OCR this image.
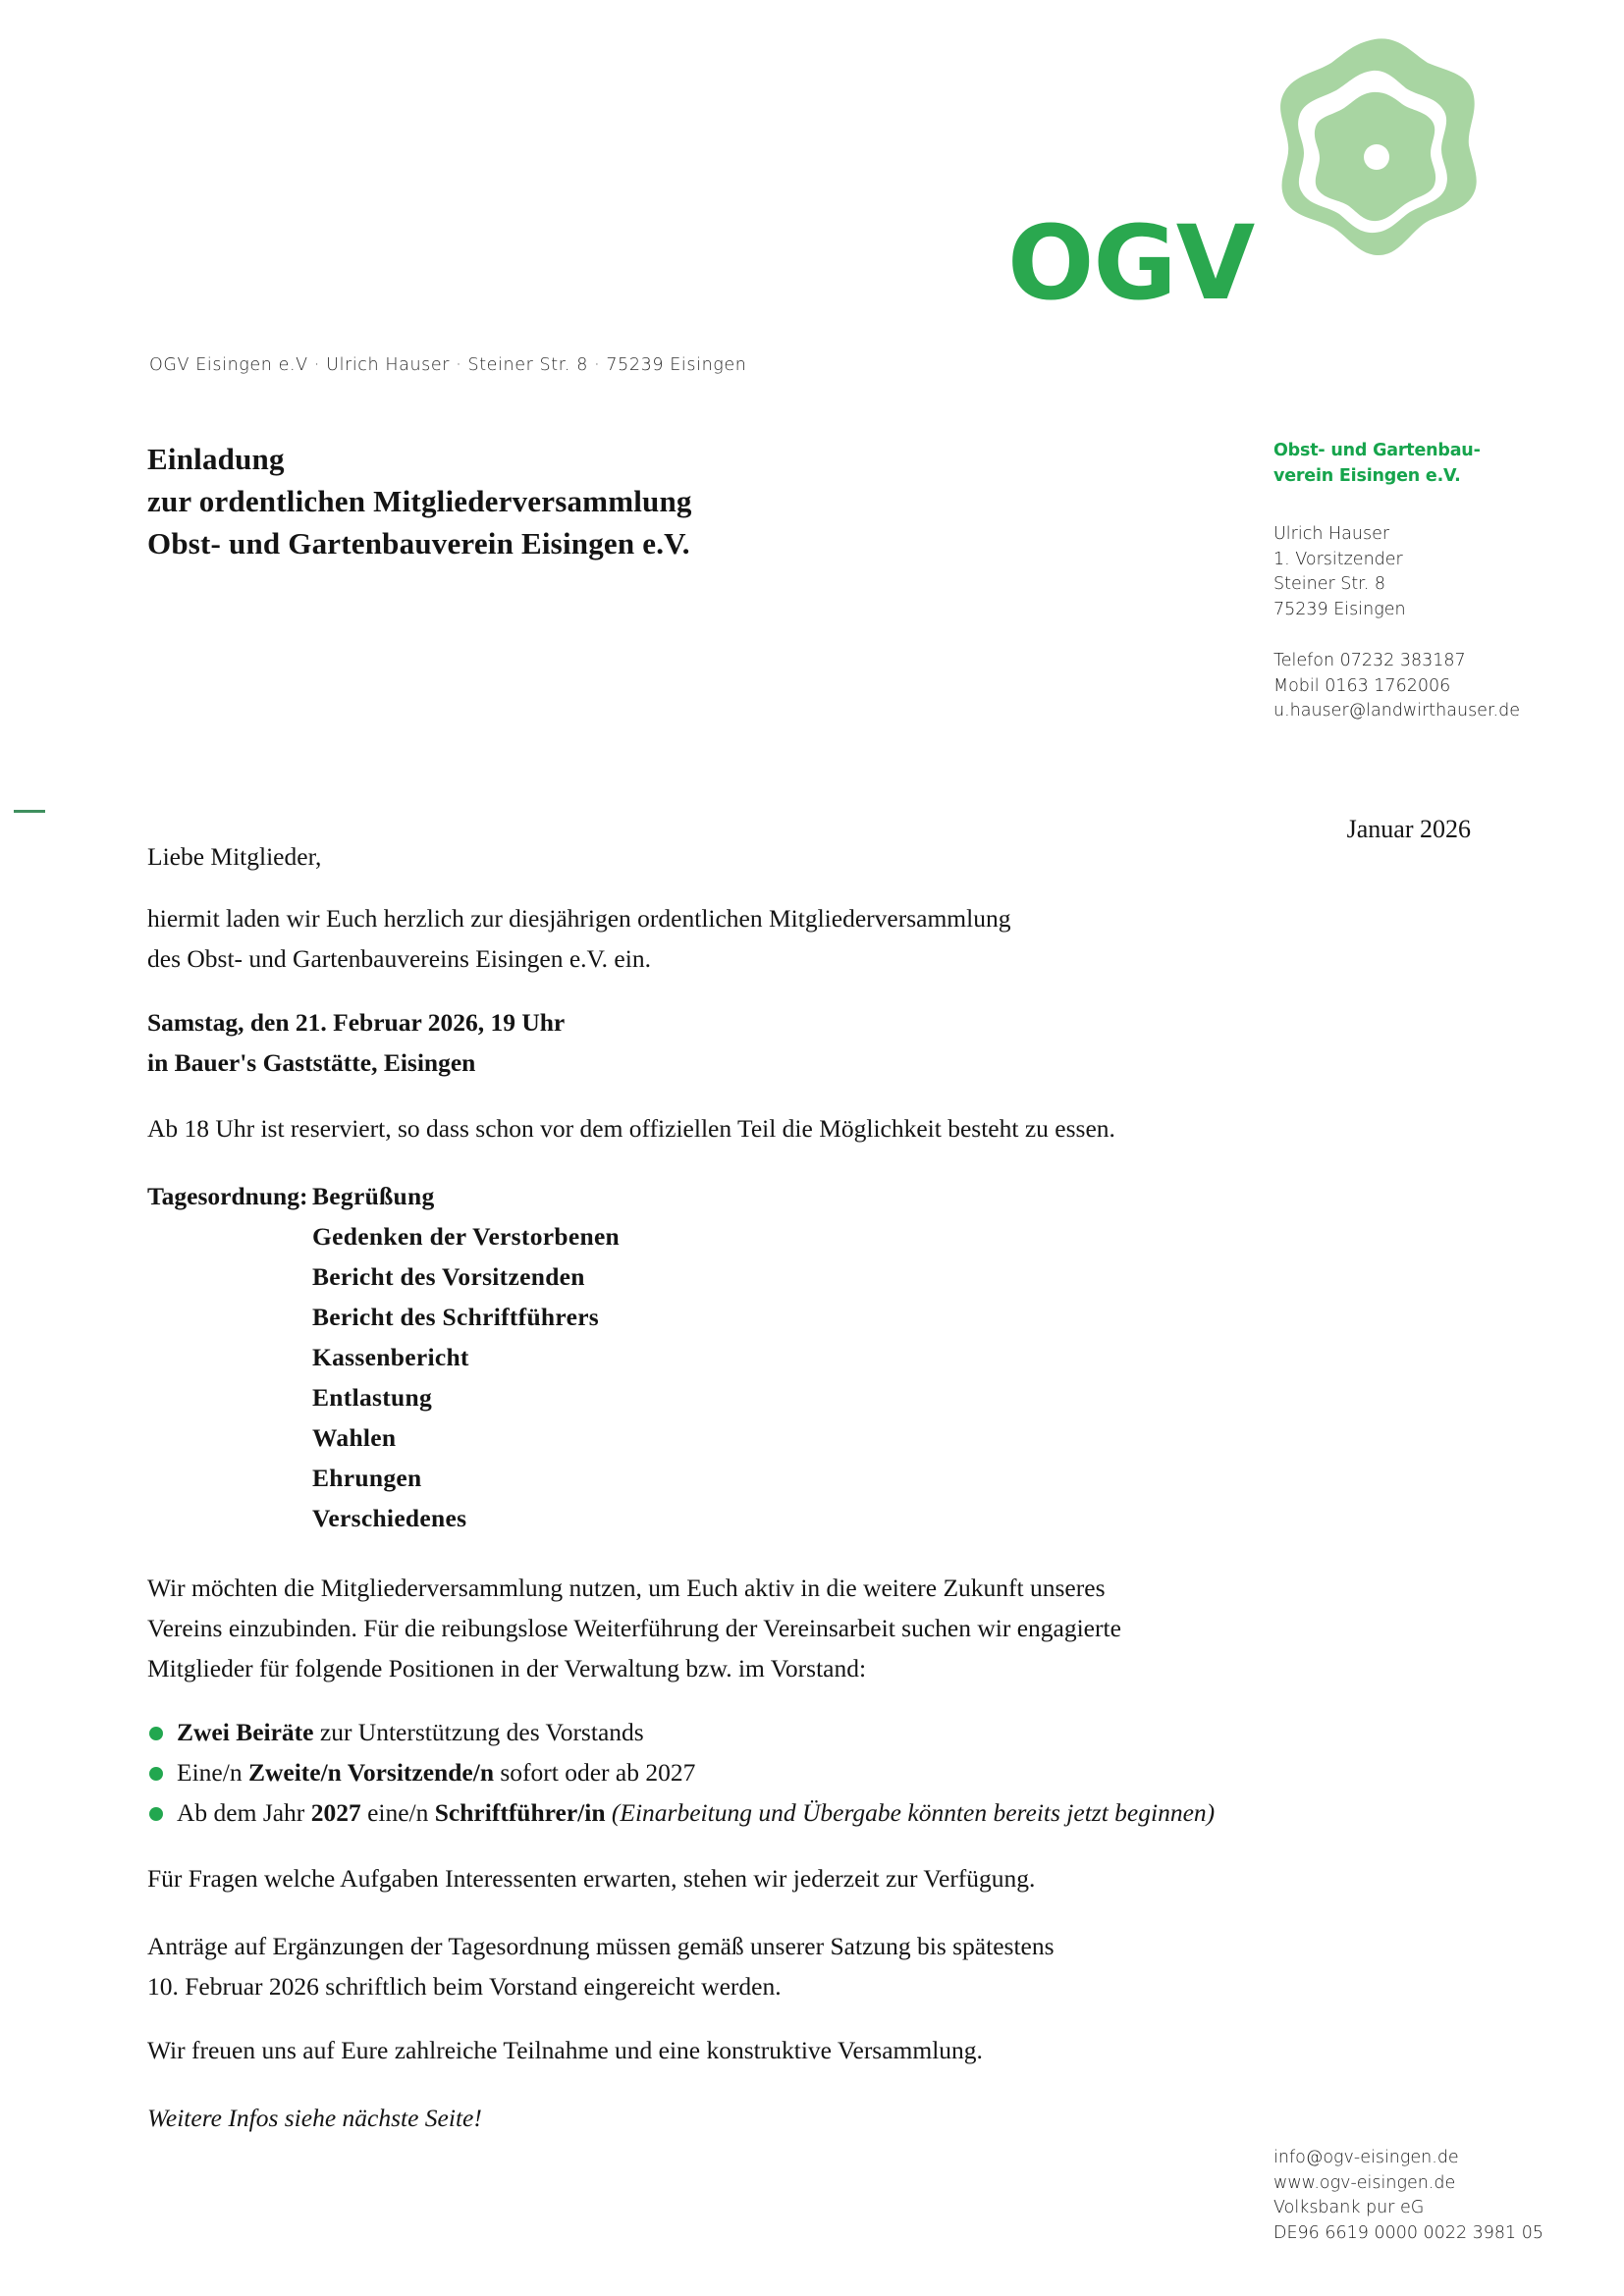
OGV
OGV Eisingen e.V · Ulrich Hauser · Steiner Str. 8 · 75239 Eisingen
Einladung
zur ordentlichen Mitgliederversammlung
Obst- und Gartenbauverein Eisingen e.V.
Obst- und Gartenbau-
verein Eisingen e.V.
Ulrich Hauser
1. Vorsitzender
Steiner Str. 8
75239 Eisingen
Telefon 07232 383187
Mobil 0163 1762006
u.hauser@landwirthauser.de
Januar 2026

Liebe Mitglieder,

hiermit laden wir Euch herzlich zur diesjährigen ordentlichen Mitgliederversammlung
des Obst- und Gartenbauvereins Eisingen e.V. ein.
Samstag, den 21. Februar 2026, 19 Uhr
in Bauer's Gaststätte, Eisingen

Ab 18 Uhr ist reserviert, so dass schon vor dem offiziellen Teil die Möglichkeit besteht zu essen.

Tagesordnung: Begrüßung
Gedenken der Verstorbenen
Bericht des Vorsitzenden
Bericht des Schriftführers
Kassenbericht
Entlastung
Wahlen
Ehrungen
Verschiedenes
Wir möchten die Mitgliederversammlung nutzen, um Euch aktiv in die weitere Zukunft unseres
Vereins einzubinden. Für die reibungslose Weiterführung der Vereinsarbeit suchen wir engagierte
Mitglieder für folgende Positionen in der Verwaltung bzw. im Vorstand:
Zwei Beiräte zur Unterstützung des Vorstands
Eine/n Zweite/n Vorsitzende/n sofort oder ab 2027
Ab dem Jahr 2027 eine/n Schriftführer/in (Einarbeitung und Übergabe könnten bereits jetzt beginnen)

Für Fragen welche Aufgaben Interessenten erwarten, stehen wir jederzeit zur Verfügung.

Anträge auf Ergänzungen der Tagesordnung müssen gemäß unserer Satzung bis spätestens
10. Februar 2026 schriftlich beim Vorstand eingereicht werden.

Wir freuen uns auf Eure zahlreiche Teilnahme und eine konstruktive Versammlung.

Weitere Infos siehe nächste Seite!

info@ogv-eisingen.de
www.ogv-eisingen.de
Volksbank pur eG
DE96 6619 0000 0022 3981 05
